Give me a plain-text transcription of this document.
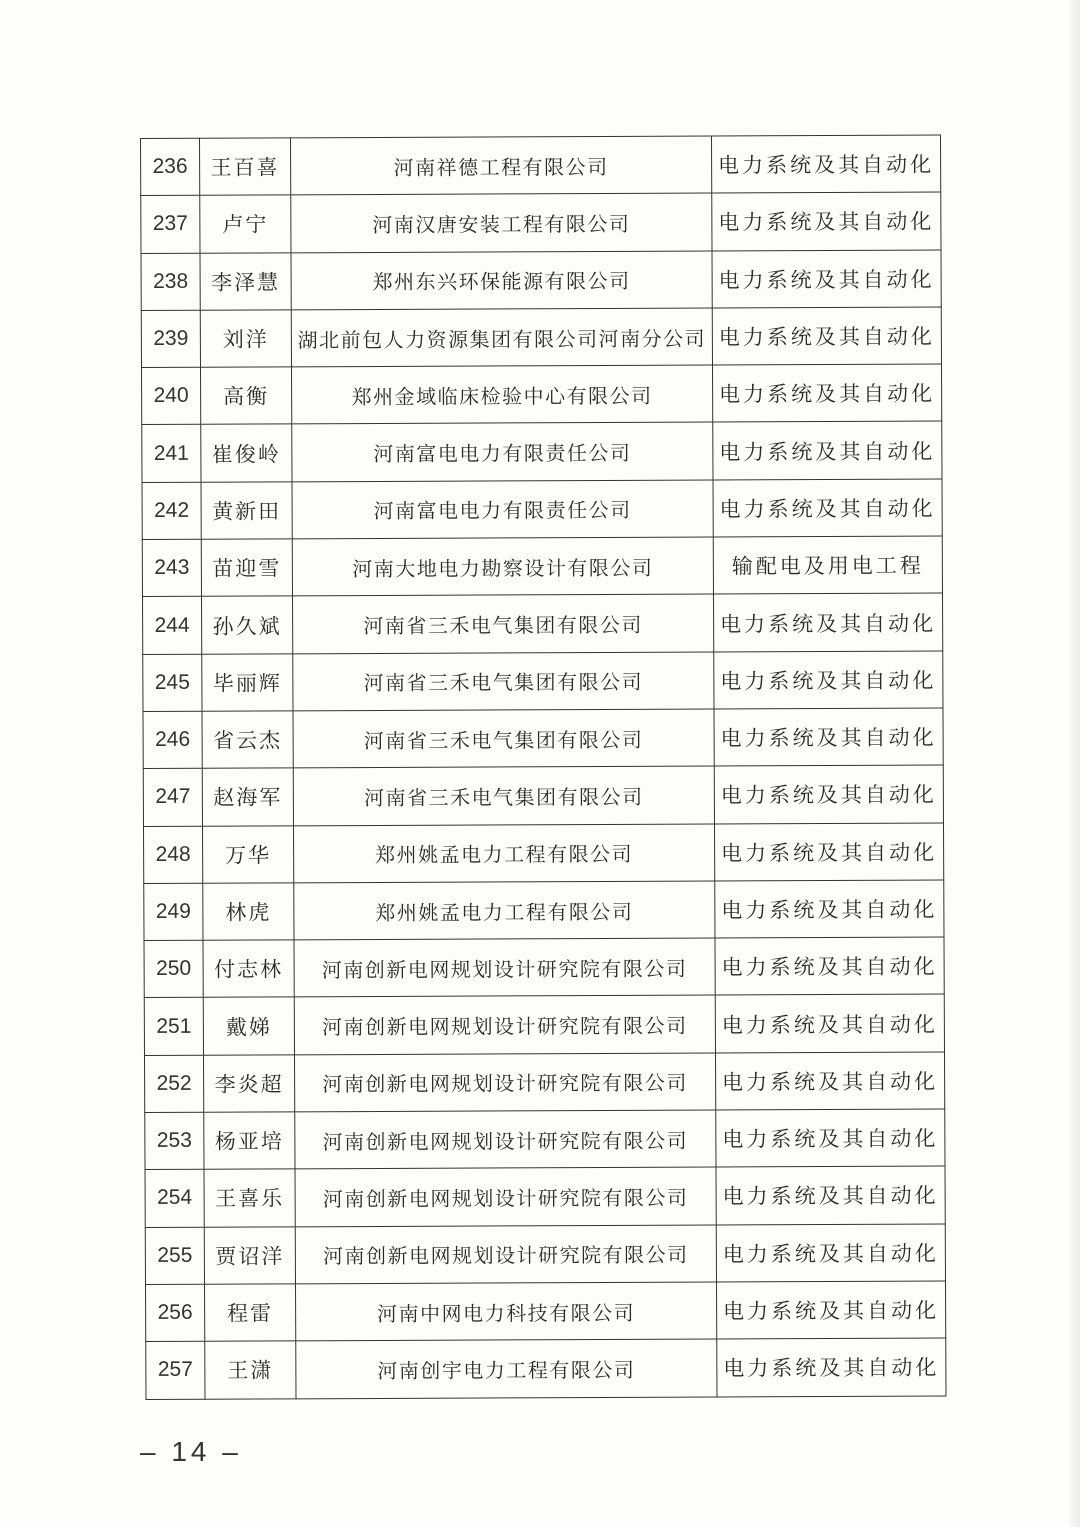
236	王百喜	河南祥德工程有限公司	电力系统及其自动化
237	卢宁	河南汉唐安装工程有限公司	电力系统及其自动化
238	李泽慧	郑州东兴环保能源有限公司	电力系统及其自动化
239	刘洋	湖北前包人力资源集团有限公司河南分公司	电力系统及其自动化
240	高衡	郑州金域临床检验中心有限公司	电力系统及其自动化
241	崔俊岭	河南富电电力有限责任公司	电力系统及其自动化
242	黄新田	河南富电电力有限责任公司	电力系统及其自动化
243	苗迎雪	河南大地电力勘察设计有限公司	输配电及用电工程
244	孙久斌	河南省三禾电气集团有限公司	电力系统及其自动化
245	毕丽辉	河南省三禾电气集团有限公司	电力系统及其自动化
246	省云杰	河南省三禾电气集团有限公司	电力系统及其自动化
247	赵海军	河南省三禾电气集团有限公司	电力系统及其自动化
248	万华	郑州姚孟电力工程有限公司	电力系统及其自动化
249	林虎	郑州姚孟电力工程有限公司	电力系统及其自动化
250	付志林	河南创新电网规划设计研究院有限公司	电力系统及其自动化
251	戴娣	河南创新电网规划设计研究院有限公司	电力系统及其自动化
252	李炎超	河南创新电网规划设计研究院有限公司	电力系统及其自动化
253	杨亚培	河南创新电网规划设计研究院有限公司	电力系统及其自动化
254	王喜乐	河南创新电网规划设计研究院有限公司	电力系统及其自动化
255	贾诏洋	河南创新电网规划设计研究院有限公司	电力系统及其自动化
256	程雷	河南中网电力科技有限公司	电力系统及其自动化
257	王潇	河南创宇电力工程有限公司	电力系统及其自动化
– 14 –
